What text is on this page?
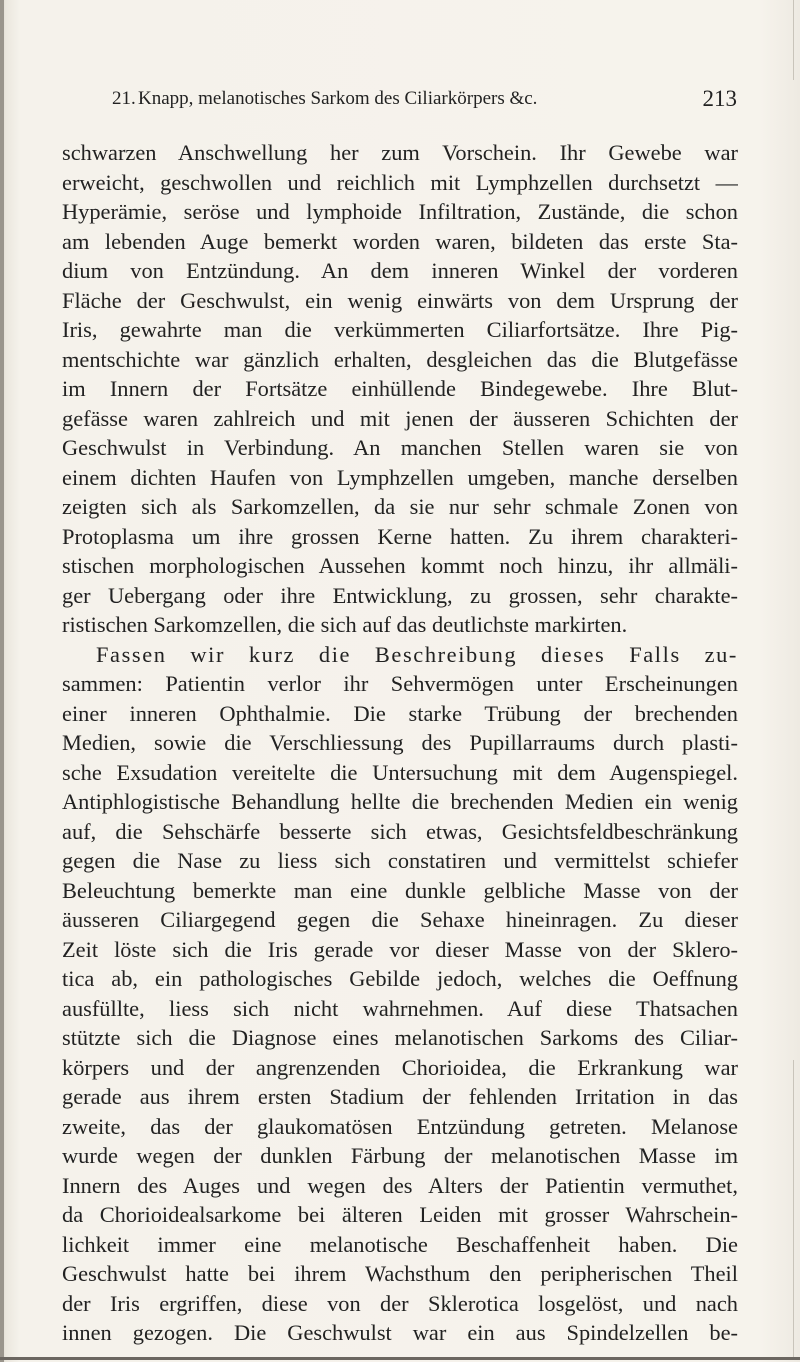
21. Knapp, melanotisches Sarkom des Ciliarkörpers &c.	213
schwarzen Anschwellung her zum Vorschein. Ihr Gewebe war
erweicht, geschwollen und reichlich mit Lymphzellen durchsetzt —
Hyperämie, seröse und lymphoide Infiltration, Zustände, die schon
am lebenden Auge bemerkt worden waren, bildeten das erste Sta-
dium von Entzündung. An dem inneren Winkel der vorderen
Fläche der Geschwulst, ein wenig einwärts von dem Ursprung der
Iris, gewahrte man die verkümmerten Ciliarfortsätze. Ihre Pig-
mentschichte war gänzlich erhalten, desgleichen das die Blutgefässe
im Innern der Fortsätze einhüllende Bindegewebe. Ihre Blut-
gefässe waren zahlreich und mit jenen der äusseren Schichten der
Geschwulst in Verbindung. An manchen Stellen waren sie von
einem dichten Haufen von Lymphzellen umgeben, manche derselben
zeigten sich als Sarkomzellen, da sie nur sehr schmale Zonen von
Protoplasma um ihre grossen Kerne hatten. Zu ihrem charakteri-
stischen morphologischen Aussehen kommt noch hinzu, ihr allmäli-
ger Uebergang oder ihre Entwicklung, zu grossen, sehr charakte-
ristischen Sarkomzellen, die sich auf das deutlichste markirten.
Fassen wir kurz die Beschreibung dieses Falls zu-
sammen: Patientin verlor ihr Sehvermögen unter Erscheinungen
einer inneren Ophthalmie. Die starke Trübung der brechenden
Medien, sowie die Verschliessung des Pupillarraums durch plasti-
sche Exsudation vereitelte die Untersuchung mit dem Augenspiegel.
Antiphlogistische Behandlung hellte die brechenden Medien ein wenig
auf, die Sehschärfe besserte sich etwas, Gesichtsfeldbeschränkung
gegen die Nase zu liess sich constatiren und vermittelst schiefer
Beleuchtung bemerkte man eine dunkle gelbliche Masse von der
äusseren Ciliargegend gegen die Sehaxe hineinragen. Zu dieser
Zeit löste sich die Iris gerade vor dieser Masse von der Sklero-
tica ab, ein pathologisches Gebilde jedoch, welches die Oeffnung
ausfüllte, liess sich nicht wahrnehmen. Auf diese Thatsachen
stützte sich die Diagnose eines melanotischen Sarkoms des Ciliar-
körpers und der angrenzenden Chorioidea, die Erkrankung war
gerade aus ihrem ersten Stadium der fehlenden Irritation in das
zweite, das der glaukomatösen Entzündung getreten. Melanose
wurde wegen der dunklen Färbung der melanotischen Masse im
Innern des Auges und wegen des Alters der Patientin vermuthet,
da Chorioidealsarkome bei älteren Leiden mit grosser Wahrschein-
lichkeit immer eine melanotische Beschaffenheit haben. Die
Geschwulst hatte bei ihrem Wachsthum den peripherischen Theil
der Iris ergriffen, diese von der Sklerotica losgelöst, und nach
innen gezogen. Die Geschwulst war ein aus Spindelzellen be-
